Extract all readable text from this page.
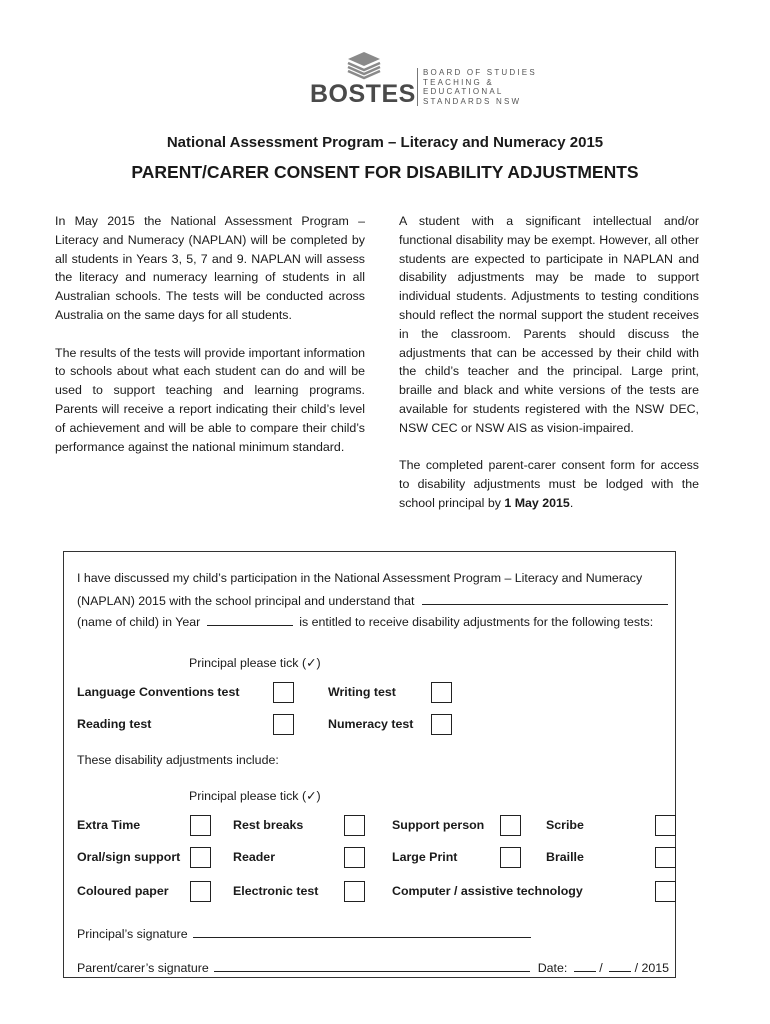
BOSTES
BOARD OF STUDIES
TEACHING &
EDUCATIONAL
STANDARDS NSW
National Assessment Program – Literacy and Numeracy 2015
PARENT/CARER CONSENT FOR DISABILITY ADJUSTMENTS

In May 2015 the National Assessment Program – Literacy and Numeracy (NAPLAN) will be completed by all students in Years 3, 5, 7 and 9. NAPLAN will assess the literacy and numeracy learning of students in all Australian schools. The tests will be conducted across Australia on the same days for all students.

The results of the tests will provide important information to schools about what each student can do and will be used to support teaching and learning programs. Parents will receive a report indicating their child’s level of achievement and will be able to compare their child’s performance against the national minimum standard.

A student with a significant intellectual and/or functional disability may be exempt. However, all other students are expected to participate in NAPLAN and disability adjustments may be made to support individual students. Adjustments to testing conditions should reflect the normal support the student receives in the classroom. Parents should discuss the adjustments that can be accessed by their child with the child’s teacher and the principal. Large print, braille and black and white versions of the tests are available for students registered with the NSW DEC, NSW CEC or NSW AIS as vision-impaired.

The completed parent-carer consent form for access to disability adjustments must be lodged with the school principal by 1 May 2015.

I have discussed my child’s participation in the National Assessment Program – Literacy and Numeracy
(NAPLAN) 2015 with the school principal and understand that
(name of child) in Year	is entitled to receive disability adjustments for the following tests:
Principal please tick (✓)
Language Conventions test	Writing test
Reading test	Numeracy test
These disability adjustments include:
Principal please tick (✓)
Extra Time	Rest breaks	Support person	Scribe
Oral/sign support	Reader	Large Print	Braille
Coloured paper	Electronic test	Computer / assistive technology
Principal’s signature
Parent/carer’s signature	Date:	/	/ 2015
